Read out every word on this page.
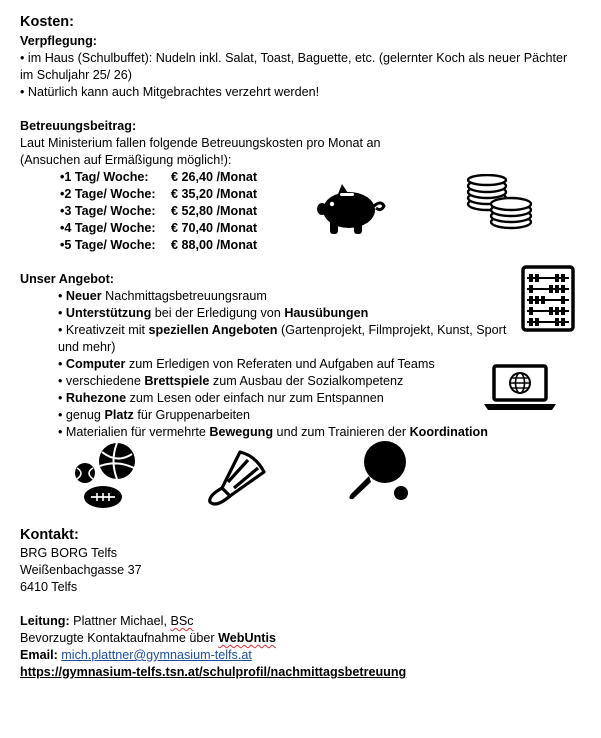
Kosten:
Verpflegung:
• im Haus (Schulbuffet): Nudeln inkl. Salat, Toast, Baguette, etc. (gelernter Koch als neuer Pächter
im Schuljahr 25/ 26)
• Natürlich kann auch Mitgebrachtes verzehrt werden!
Betreuungsbeitrag:
Laut Ministerium fallen folgende Betreuungskosten pro Monat an
(Ansuchen auf Ermäßigung möglich!):
•1 Tag/ Woche: € 26,40 /Monat
•2 Tage/ Woche: € 35,20 /Monat
•3 Tage/ Woche: € 52,80 /Monat
•4 Tage/ Woche: € 70,40 /Monat
•5 Tage/ Woche: € 88,00 /Monat
Unser Angebot:
• Neuer Nachmittagsbetreuungsraum
• Unterstützung bei der Erledigung von Hausübungen
• Kreativzeit mit speziellen Angeboten (Gartenprojekt, Filmprojekt, Kunst, Sport
und mehr)
• Computer zum Erledigen von Referaten und Aufgaben auf Teams
• verschiedene Brettspiele zum Ausbau der Sozialkompetenz
• Ruhezone zum Lesen oder einfach nur zum Entspannen
• genug Platz für Gruppenarbeiten
• Materialien für vermehrte Bewegung und zum Trainieren der Koordination
Kontakt:
BRG BORG Telfs
Weißenbachgasse 37
6410 Telfs
Leitung: Plattner Michael, BSc
Bevorzugte Kontaktaufnahme über WebUntis
Email: mich.plattner@gymnasium-telfs.at
https://gymnasium-telfs.tsn.at/schulprofil/nachmittagsbetreuung
